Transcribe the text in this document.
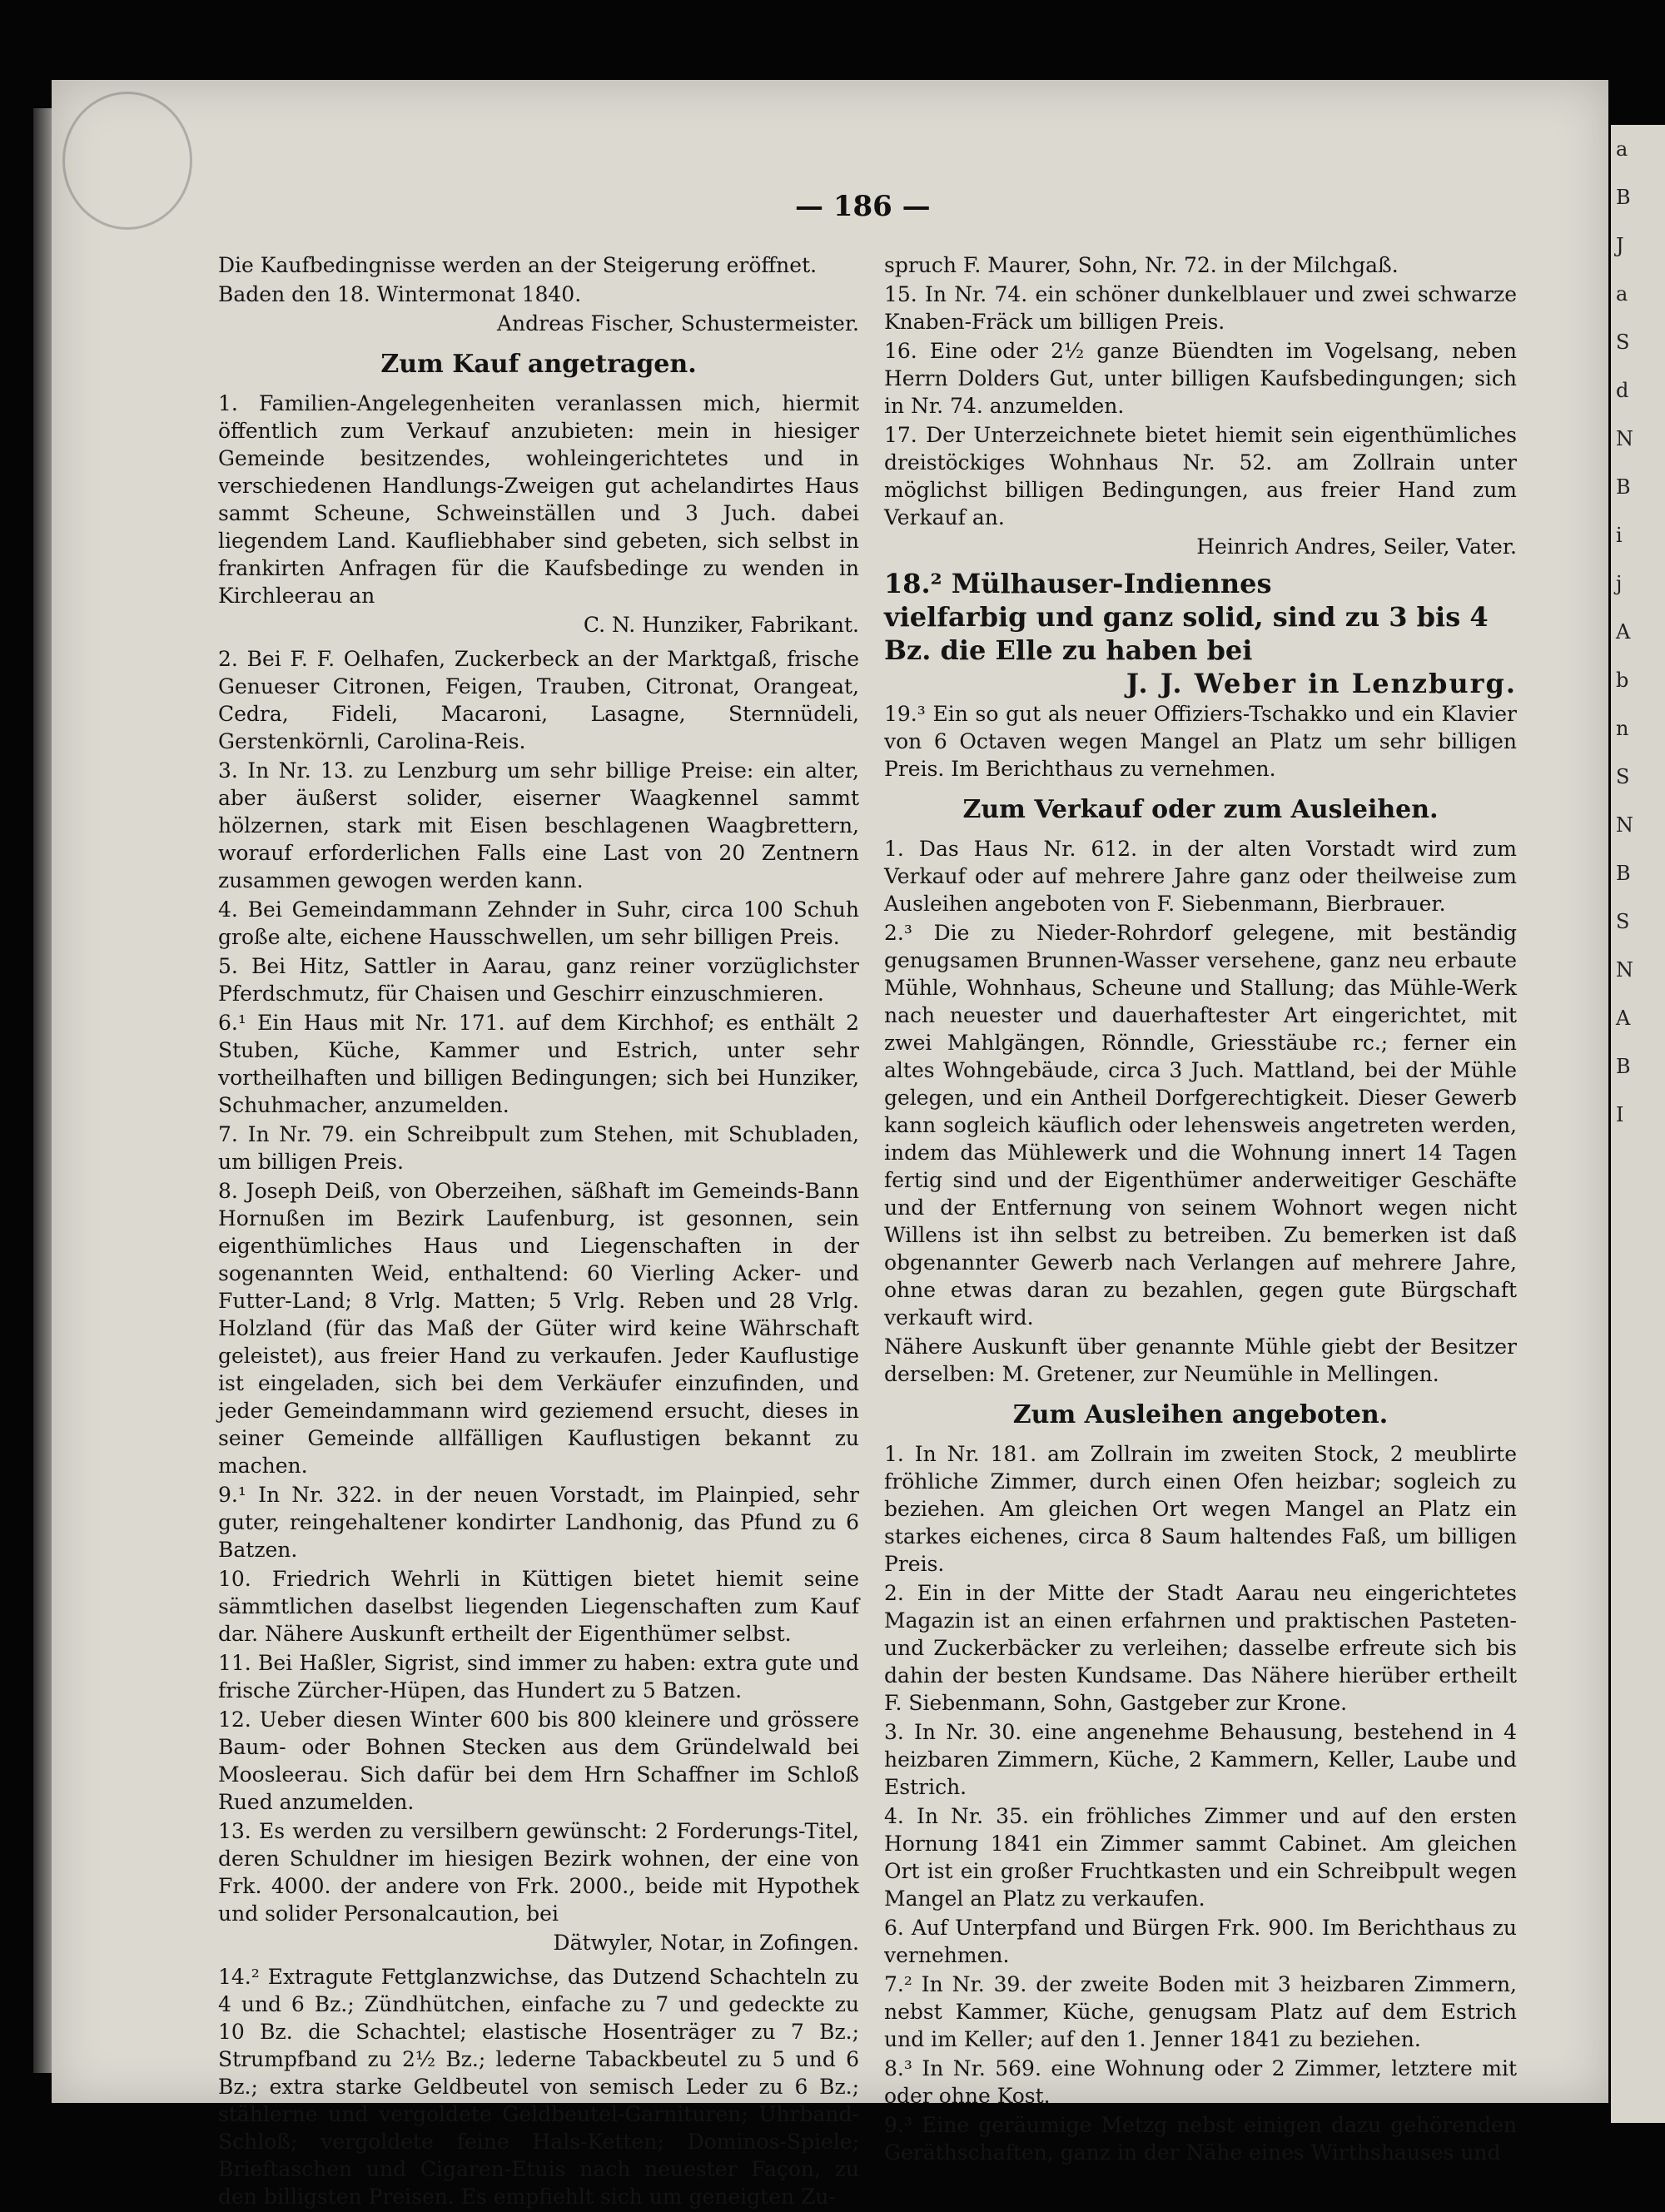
a
B
J
a
S
d
N
B
i
j
A
b
n
S
N
B
S
N
A
B
I
— 186 —

Die Kaufbedingnisse werden an der Steigerung eröffnet.

Baden den 18. Wintermonat 1840.

Andreas Fischer, Schustermeister.

Zum Kauf angetragen.

1. Familien-Angelegenheiten veranlassen mich, hiermit öffentlich zum Verkauf anzubieten: mein in hiesiger Gemeinde besitzendes, wohleingerichtetes und in verschiedenen Handlungs-Zweigen gut achelandirtes Haus sammt Scheune, Schweinställen und 3 Juch. dabei liegendem Land. Kaufliebhaber sind gebeten, sich selbst in frankirten Anfragen für die Kaufsbedinge zu wenden in Kirchleerau an

C. N. Hunziker, Fabrikant.

2. Bei F. F. Oelhafen, Zuckerbeck an der Marktgaß, frische Genueser Citronen, Feigen, Trauben, Citronat, Orangeat, Cedra, Fideli, Macaroni, Lasagne, Sternnüdeli, Gerstenkörnli, Carolina-Reis.

3. In Nr. 13. zu Lenzburg um sehr billige Preise: ein alter, aber äußerst solider, eiserner Waagkennel sammt hölzernen, stark mit Eisen beschlagenen Waagbrettern, worauf erforderlichen Falls eine Last von 20 Zentnern zusammen gewogen werden kann.

4. Bei Gemeindammann Zehnder in Suhr, circa 100 Schuh große alte, eichene Hausschwellen, um sehr billigen Preis.

5. Bei Hitz, Sattler in Aarau, ganz reiner vorzüglichster Pferdschmutz, für Chaisen und Geschirr einzuschmieren.

6.¹ Ein Haus mit Nr. 171. auf dem Kirchhof; es enthält 2 Stuben, Küche, Kammer und Estrich, unter sehr vortheilhaften und billigen Bedingungen; sich bei Hunziker, Schuhmacher, anzumelden.

7. In Nr. 79. ein Schreibpult zum Stehen, mit Schubladen, um billigen Preis.

8. Joseph Deiß, von Oberzeihen, säßhaft im Gemeinds-Bann Hornußen im Bezirk Laufenburg, ist gesonnen, sein eigenthümliches Haus und Liegenschaften in der sogenannten Weid, enthaltend: 60 Vierling Acker- und Futter-Land; 8 Vrlg. Matten; 5 Vrlg. Reben und 28 Vrlg. Holzland (für das Maß der Güter wird keine Währschaft geleistet), aus freier Hand zu verkaufen. Jeder Kauflustige ist eingeladen, sich bei dem Verkäufer einzufinden, und jeder Gemeindammann wird geziemend ersucht, dieses in seiner Gemeinde allfälligen Kauflustigen bekannt zu machen.

9.¹ In Nr. 322. in der neuen Vorstadt, im Plainpied, sehr guter, reingehaltener kondirter Landhonig, das Pfund zu 6 Batzen.

10. Friedrich Wehrli in Küttigen bietet hiemit seine sämmtlichen daselbst liegenden Liegenschaften zum Kauf dar. Nähere Auskunft ertheilt der Eigenthümer selbst.

11. Bei Haßler, Sigrist, sind immer zu haben: extra gute und frische Zürcher-Hüpen, das Hundert zu 5 Batzen.

12. Ueber diesen Winter 600 bis 800 kleinere und grössere Baum- oder Bohnen Stecken aus dem Gründelwald bei Moosleerau. Sich dafür bei dem Hrn Schaffner im Schloß Rued anzumelden.

13. Es werden zu versilbern gewünscht: 2 Forderungs-Titel, deren Schuldner im hiesigen Bezirk wohnen, der eine von Frk. 4000. der andere von Frk. 2000., beide mit Hypothek und solider Personalcaution, bei

Dätwyler, Notar, in Zofingen.

14.² Extragute Fettglanzwichse, das Dutzend Schachteln zu 4 und 6 Bz.; Zündhütchen, einfache zu 7 und gedeckte zu 10 Bz. die Schachtel; elastische Hosenträger zu 7 Bz.; Strumpfband zu 2½ Bz.; lederne Tabackbeutel zu 5 und 6 Bz.; extra starke Geldbeutel von semisch Leder zu 6 Bz.; stählerne und vergoldete Geldbeutel-Garnituren; Uhrband-Schloß; vergoldete feine Hals-Ketten; Dominos-Spiele; Brieftaschen und Cigaren-Etuis nach neuester Façon, zu den billigsten Preisen. Es empfiehlt sich um geneigten Zu-

spruch F. Maurer, Sohn, Nr. 72. in der Milchgaß.

15. In Nr. 74. ein schöner dunkelblauer und zwei schwarze Knaben-Fräck um billigen Preis.

16. Eine oder 2½ ganze Büendten im Vogelsang, neben Herrn Dolders Gut, unter billigen Kaufsbedingungen; sich in Nr. 74. anzumelden.

17. Der Unterzeichnete bietet hiemit sein eigenthümliches dreistöckiges Wohnhaus Nr. 52. am Zollrain unter möglichst billigen Bedingungen, aus freier Hand zum Verkauf an.

Heinrich Andres, Seiler, Vater.

18.² Mülhauser-Indiennes
vielfarbig und ganz solid, sind zu 3 bis 4 Bz. die Elle zu haben bei
J. J. Weber in Lenzburg.

19.³ Ein so gut als neuer Offiziers-Tschakko und ein Klavier von 6 Octaven wegen Mangel an Platz um sehr billigen Preis. Im Berichthaus zu vernehmen.

Zum Verkauf oder zum Ausleihen.

1. Das Haus Nr. 612. in der alten Vorstadt wird zum Verkauf oder auf mehrere Jahre ganz oder theilweise zum Ausleihen angeboten von F. Siebenmann, Bierbrauer.

2.³ Die zu Nieder-Rohrdorf gelegene, mit beständig genugsamen Brunnen-Wasser versehene, ganz neu erbaute Mühle, Wohnhaus, Scheune und Stallung; das Mühle-Werk nach neuester und dauerhaftester Art eingerichtet, mit zwei Mahlgängen, Rönndle, Griesstäube rc.; ferner ein altes Wohngebäude, circa 3 Juch. Mattland, bei der Mühle gelegen, und ein Antheil Dorfgerechtigkeit. Dieser Gewerb kann sogleich käuflich oder lehensweis angetreten werden, indem das Mühlewerk und die Wohnung innert 14 Tagen fertig sind und der Eigenthümer anderweitiger Geschäfte und der Entfernung von seinem Wohnort wegen nicht Willens ist ihn selbst zu betreiben. Zu bemerken ist daß obgenannter Gewerb nach Verlangen auf mehrere Jahre, ohne etwas daran zu bezahlen, gegen gute Bürgschaft verkauft wird.

Nähere Auskunft über genannte Mühle giebt der Besitzer derselben: M. Gretener, zur Neumühle in Mellingen.

Zum Ausleihen angeboten.

1. In Nr. 181. am Zollrain im zweiten Stock, 2 meublirte fröhliche Zimmer, durch einen Ofen heizbar; sogleich zu beziehen. Am gleichen Ort wegen Mangel an Platz ein starkes eichenes, circa 8 Saum haltendes Faß, um billigen Preis.

2. Ein in der Mitte der Stadt Aarau neu eingerichtetes Magazin ist an einen erfahrnen und praktischen Pasteten- und Zuckerbäcker zu verleihen; dasselbe erfreute sich bis dahin der besten Kundsame. Das Nähere hierüber ertheilt F. Siebenmann, Sohn, Gastgeber zur Krone.

3. In Nr. 30. eine angenehme Behausung, bestehend in 4 heizbaren Zimmern, Küche, 2 Kammern, Keller, Laube und Estrich.

4. In Nr. 35. ein fröhliches Zimmer und auf den ersten Hornung 1841 ein Zimmer sammt Cabinet. Am gleichen Ort ist ein großer Fruchtkasten und ein Schreibpult wegen Mangel an Platz zu verkaufen.

6. Auf Unterpfand und Bürgen Frk. 900. Im Berichthaus zu vernehmen.

7.² In Nr. 39. der zweite Boden mit 3 heizbaren Zimmern, nebst Kammer, Küche, genugsam Platz auf dem Estrich und im Keller; auf den 1. Jenner 1841 zu beziehen.

8.³ In Nr. 569. eine Wohnung oder 2 Zimmer, letztere mit oder ohne Kost.

9.³ Eine geräumige Metzg nebst einigen dazu gehörenden Geräthschaften, ganz in der Nähe eines Wirthshauses und
